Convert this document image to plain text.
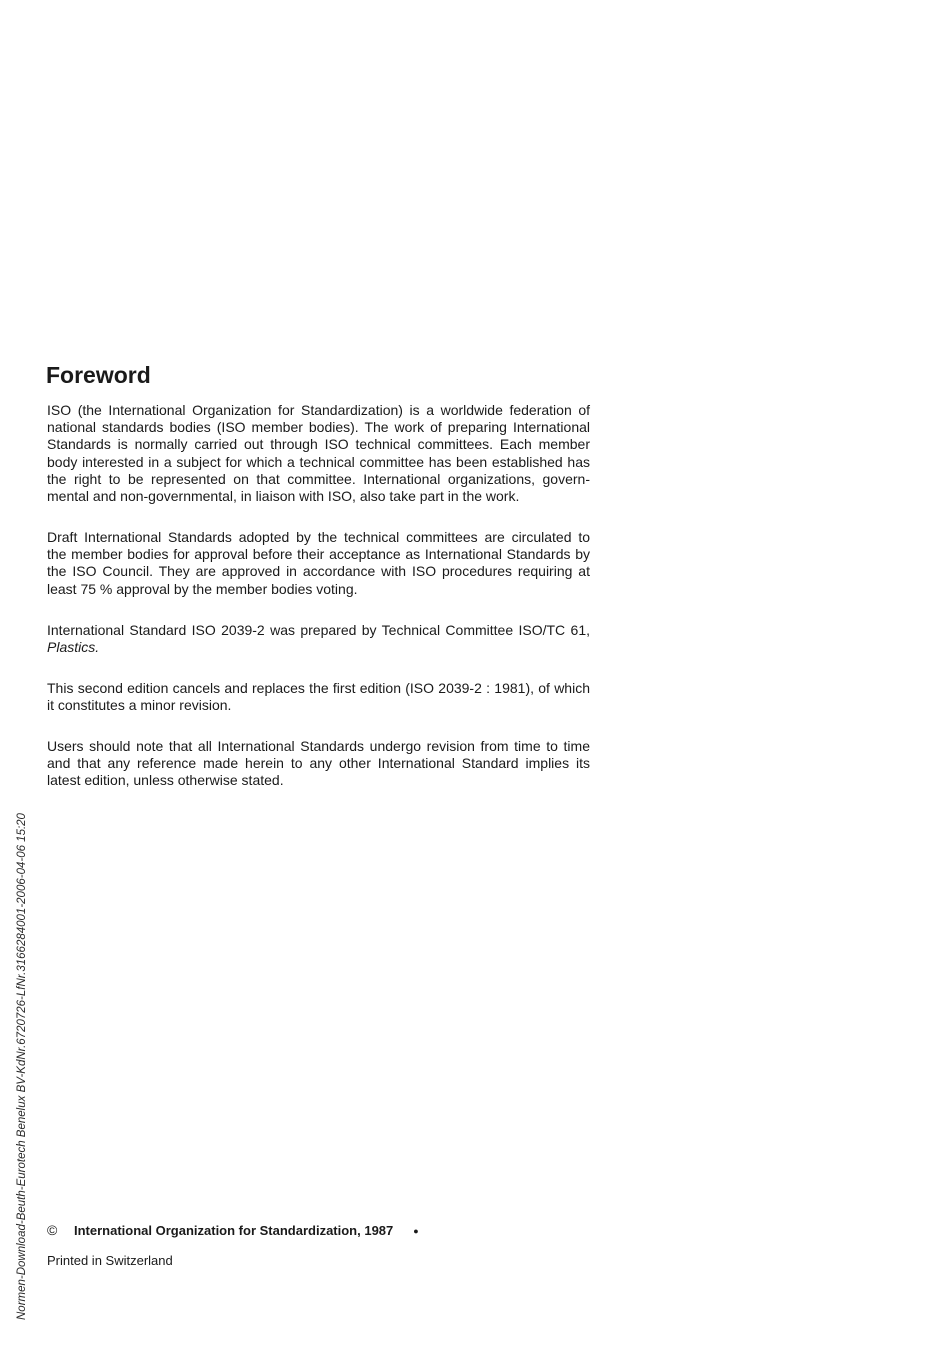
Foreword

ISO (the International Organization for Standardization) is a worldwide federation of
national standards bodies (ISO member bodies). The work of preparing International
Standards is normally carried out through ISO technical committees. Each member
body interested in a subject for which a technical committee has been established has
the right to be represented on that committee. International organizations, govern-
mental and non-governmental, in liaison with ISO, also take part in the work.

Draft International Standards adopted by the technical committees are circulated to
the member bodies for approval before their acceptance as International Standards by
the ISO Council. They are approved in accordance with ISO procedures requiring at
least 75 % approval by the member bodies voting.

International Standard ISO 2039-2 was prepared by Technical Committee ISO/TC 61,
Plastics.

This second edition cancels and replaces the first edition (ISO 2039-2 : 1981), of which
it constitutes a minor revision.

Users should note that all International Standards undergo revision from time to time
and that any reference made herein to any other International Standard implies its
latest edition, unless otherwise stated.

© International Organization for Standardization, 1987 ●
Printed in Switzerland
Normen-Download-Beuth-Eurotech Benelux BV-KdNr.6720726-LfNr.3166284001-2006-04-06 15:20
